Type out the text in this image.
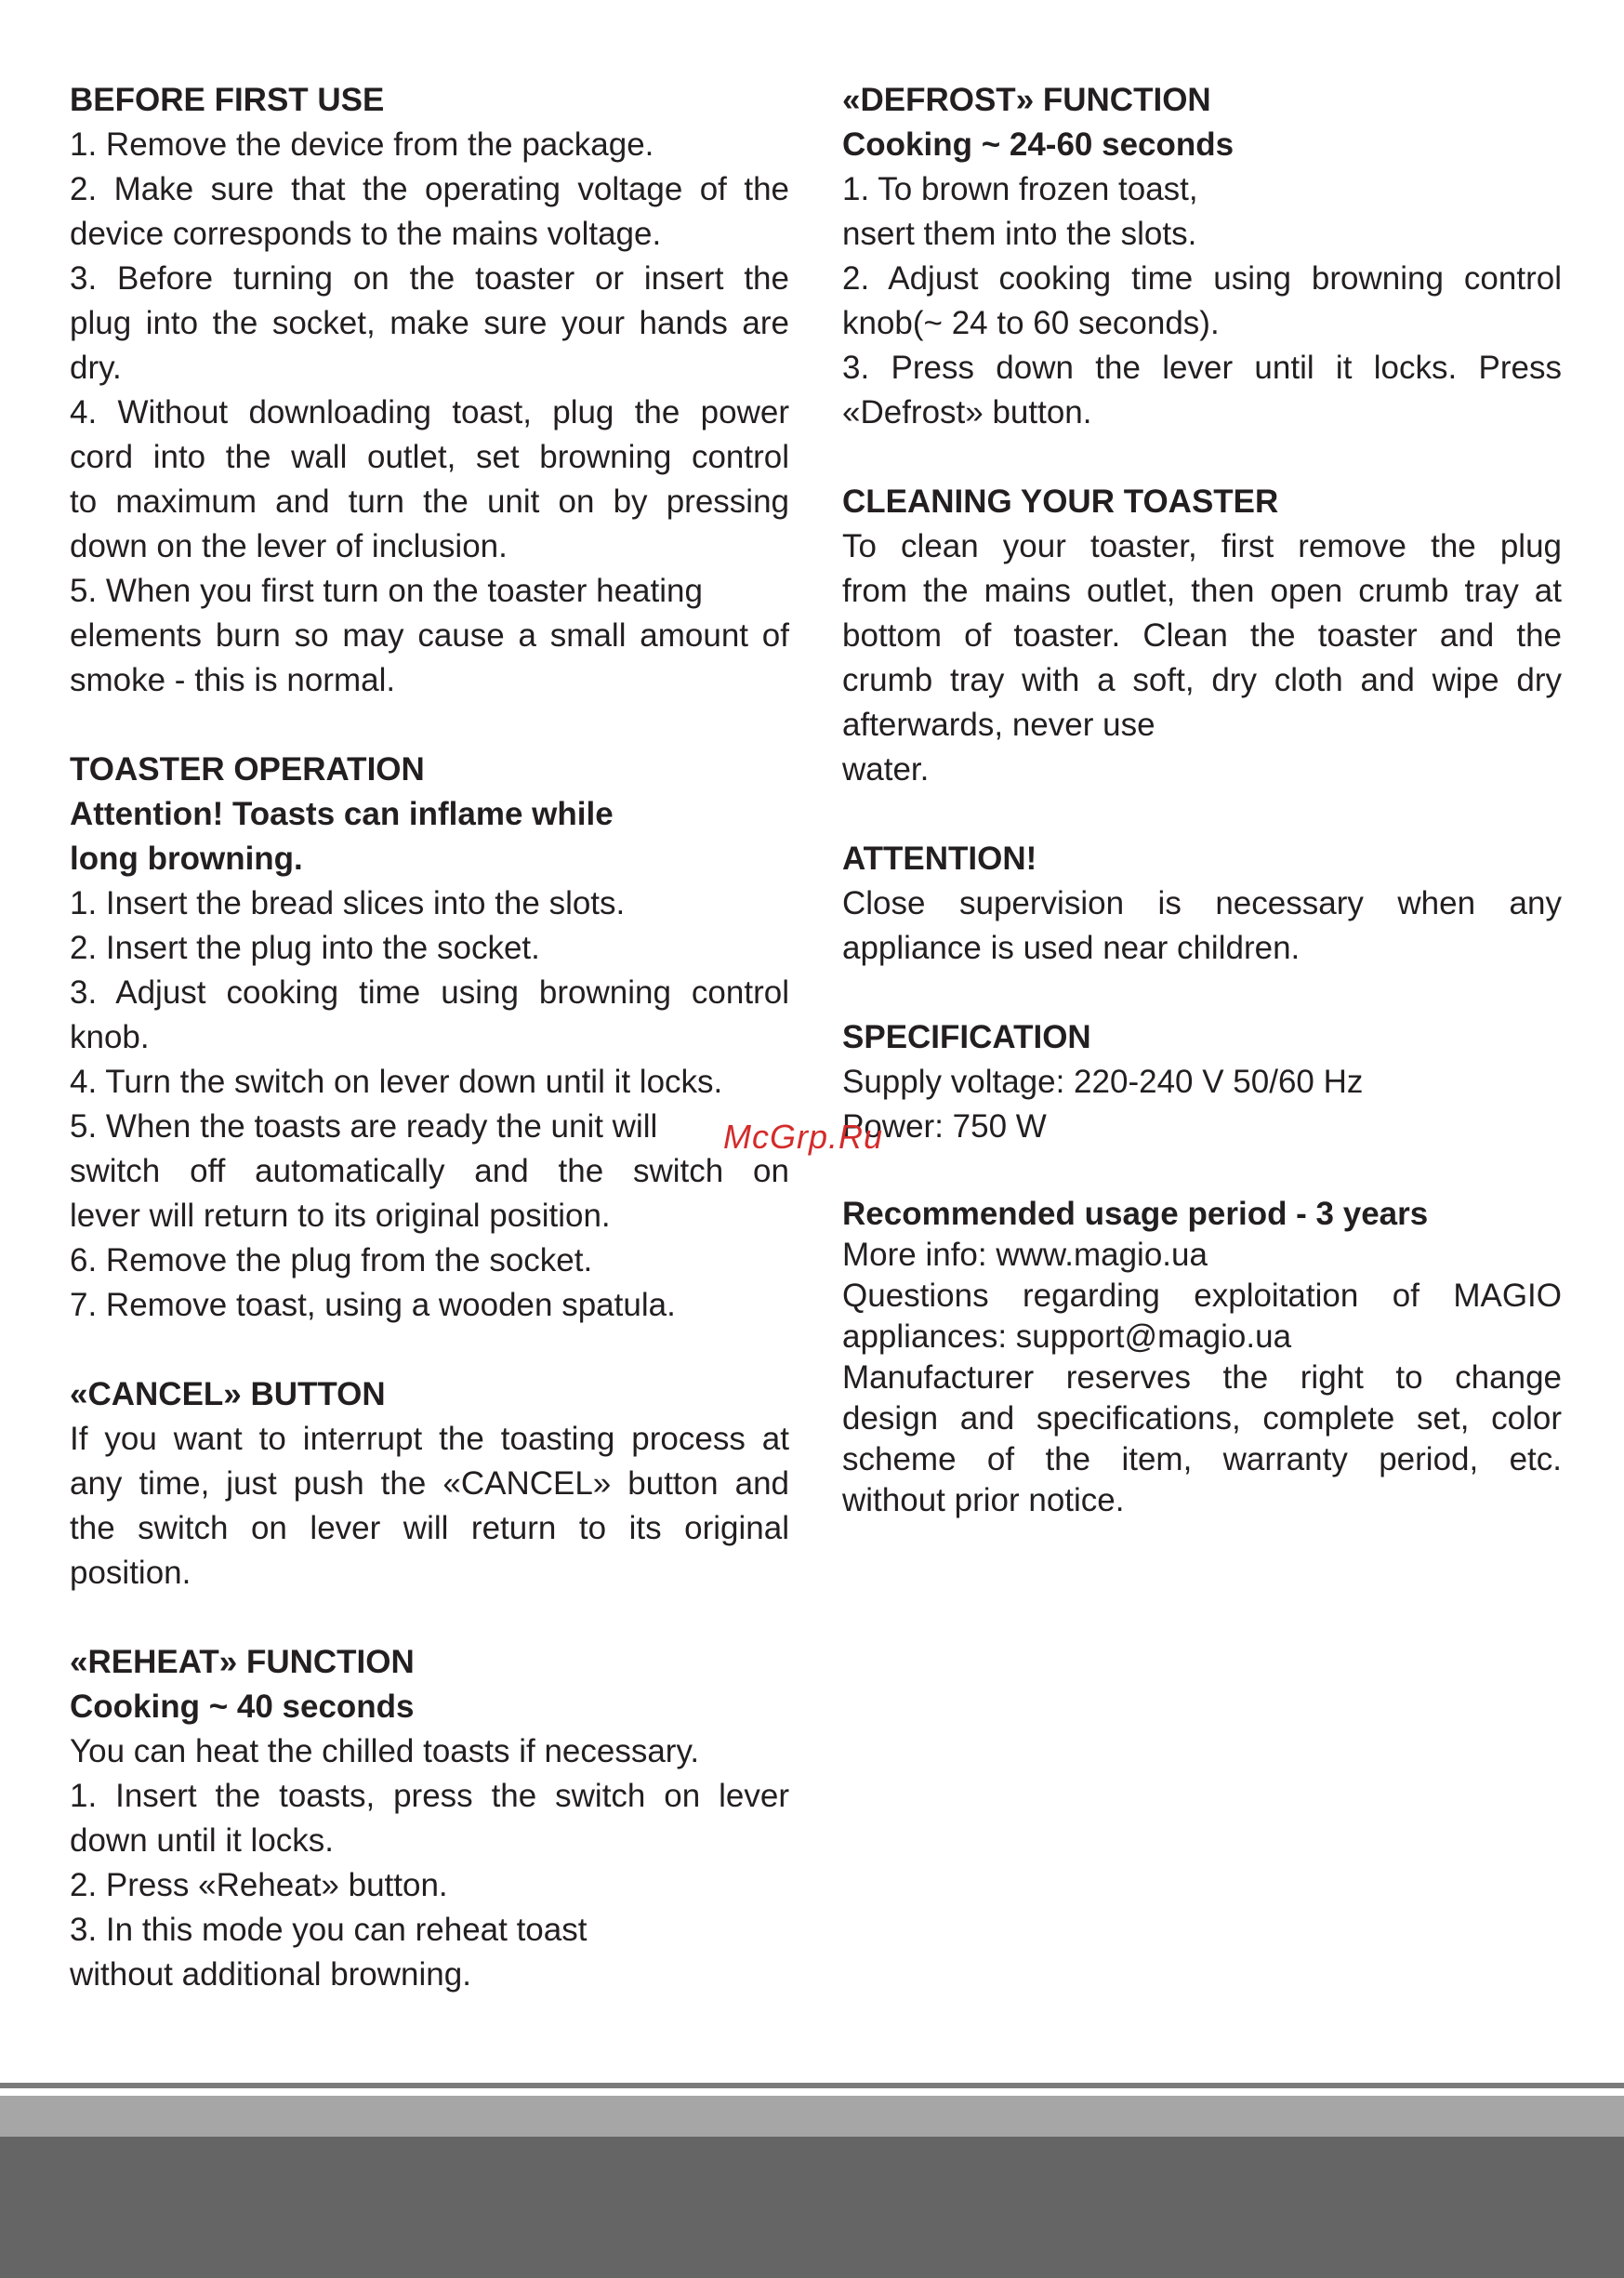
BEFORE FIRST USE
1. Remove the device from the package.
2. Make sure that the operating voltage of the
device corresponds to the mains voltage.
3. Before turning on the toaster or insert the
plug into the socket, make sure your hands are
dry.
4. Without downloading toast, plug the power
cord into the wall outlet, set browning control
to maximum and turn the unit on by pressing
down on the lever of inclusion.
5. When you first turn on the toaster heating
elements burn so may cause a small amount of
smoke - this is normal.
TOASTER OPERATION
Attention! Toasts can inflame while
long browning.
1. Insert the bread slices into the slots.
2. Insert the plug into the socket.
3. Adjust cooking time using browning control
knob.
4. Turn the switch on lever down until it locks.
5. When the toasts are ready the unit will
switch off automatically and the switch on
lever will return to its original position.
6. Remove the plug from the socket.
7. Remove toast, using a wooden spatula.
«CANCEL» BUTTON
If you want to interrupt the toasting process at
any time, just push the «CANCEL» button and
the switch on lever will return to its original
position.
«REHEAT» FUNCTION
Cooking ~ 40 seconds
You can heat the chilled toasts if necessary.
1. Insert the toasts, press the switch on lever
down until it locks.
2. Press «Reheat» button.
3. In this mode you can reheat toast
without additional browning.
«DEFROST» FUNCTION
Cooking ~ 24-60 seconds
1. To brown frozen toast,
nsert them into the slots.
2. Adjust cooking time using browning control
knob(~ 24 to 60 seconds).
3. Press down the lever until it locks. Press
«Defrost» button.
CLEANING YOUR TOASTER
To clean your toaster, first remove the plug
from the mains outlet, then open crumb tray at
bottom of toaster. Clean the toaster and the
crumb tray with a soft, dry cloth and wipe dry
afterwards, never use
water.
ATTENTION!
Close supervision is necessary when any
appliance is used near children.
SPECIFICATION
Supply voltage: 220-240 V 50/60 Hz
Power: 750 W
Recommended usage period - 3 years
More info: www.magio.ua
Questions regarding exploitation of MAGIO
appliances: support@magio.ua
Manufacturer reserves the right to change
design and specifications, complete set, color
scheme of the item, warranty period, etc.
without prior notice.
McGrp.Ru
